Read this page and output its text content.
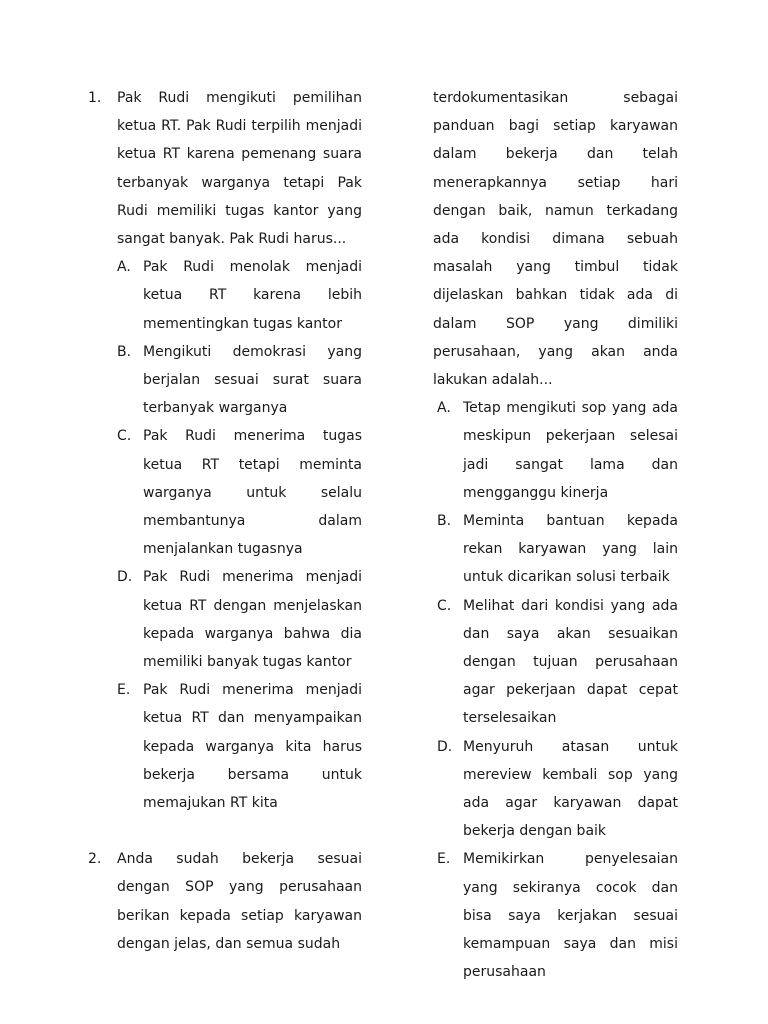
1.	Pak Rudi mengikuti pemilihan ketua RT. Pak Rudi terpilih menjadi ketua RT karena pemenang suara terbanyak warganya tetapi Pak Rudi memiliki tugas kantor yang sangat banyak. Pak Rudi harus...
A. Pak Rudi menolak menjadi ketua RT karena lebih mementingkan tugas kantor
B. Mengikuti demokrasi yang berjalan sesuai surat suara terbanyak warganya
C. Pak Rudi menerima tugas ketua RT tetapi meminta warganya untuk selalu membantunya dalam menjalankan tugasnya
D. Pak Rudi menerima menjadi ketua RT dengan menjelaskan kepada warganya bahwa dia memiliki banyak tugas kantor
E. Pak Rudi menerima menjadi ketua RT dan menyampaikan kepada warganya kita harus bekerja bersama untuk memajukan RT kita
2.	Anda sudah bekerja sesuai dengan SOP yang perusahaan berikan kepada setiap karyawan dengan jelas, dan semua sudah
terdokumentasikan sebagai panduan bagi setiap karyawan dalam bekerja dan telah menerapkannya setiap hari dengan baik, namun terkadang ada kondisi dimana sebuah masalah yang timbul tidak dijelaskan bahkan tidak ada di dalam SOP yang dimiliki perusahaan, yang akan anda lakukan adalah...
A. Tetap mengikuti sop yang ada meskipun pekerjaan selesai jadi sangat lama dan mengganggu kinerja
B. Meminta bantuan kepada rekan karyawan yang lain untuk dicarikan solusi terbaik
C. Melihat dari kondisi yang ada dan saya akan sesuaikan dengan tujuan perusahaan agar pekerjaan dapat cepat terselesaikan
D. Menyuruh atasan untuk mereview kembali sop yang ada agar karyawan dapat bekerja dengan baik
E. Memikirkan penyelesaian yang sekiranya cocok dan bisa saya kerjakan sesuai kemampuan saya dan misi perusahaan
